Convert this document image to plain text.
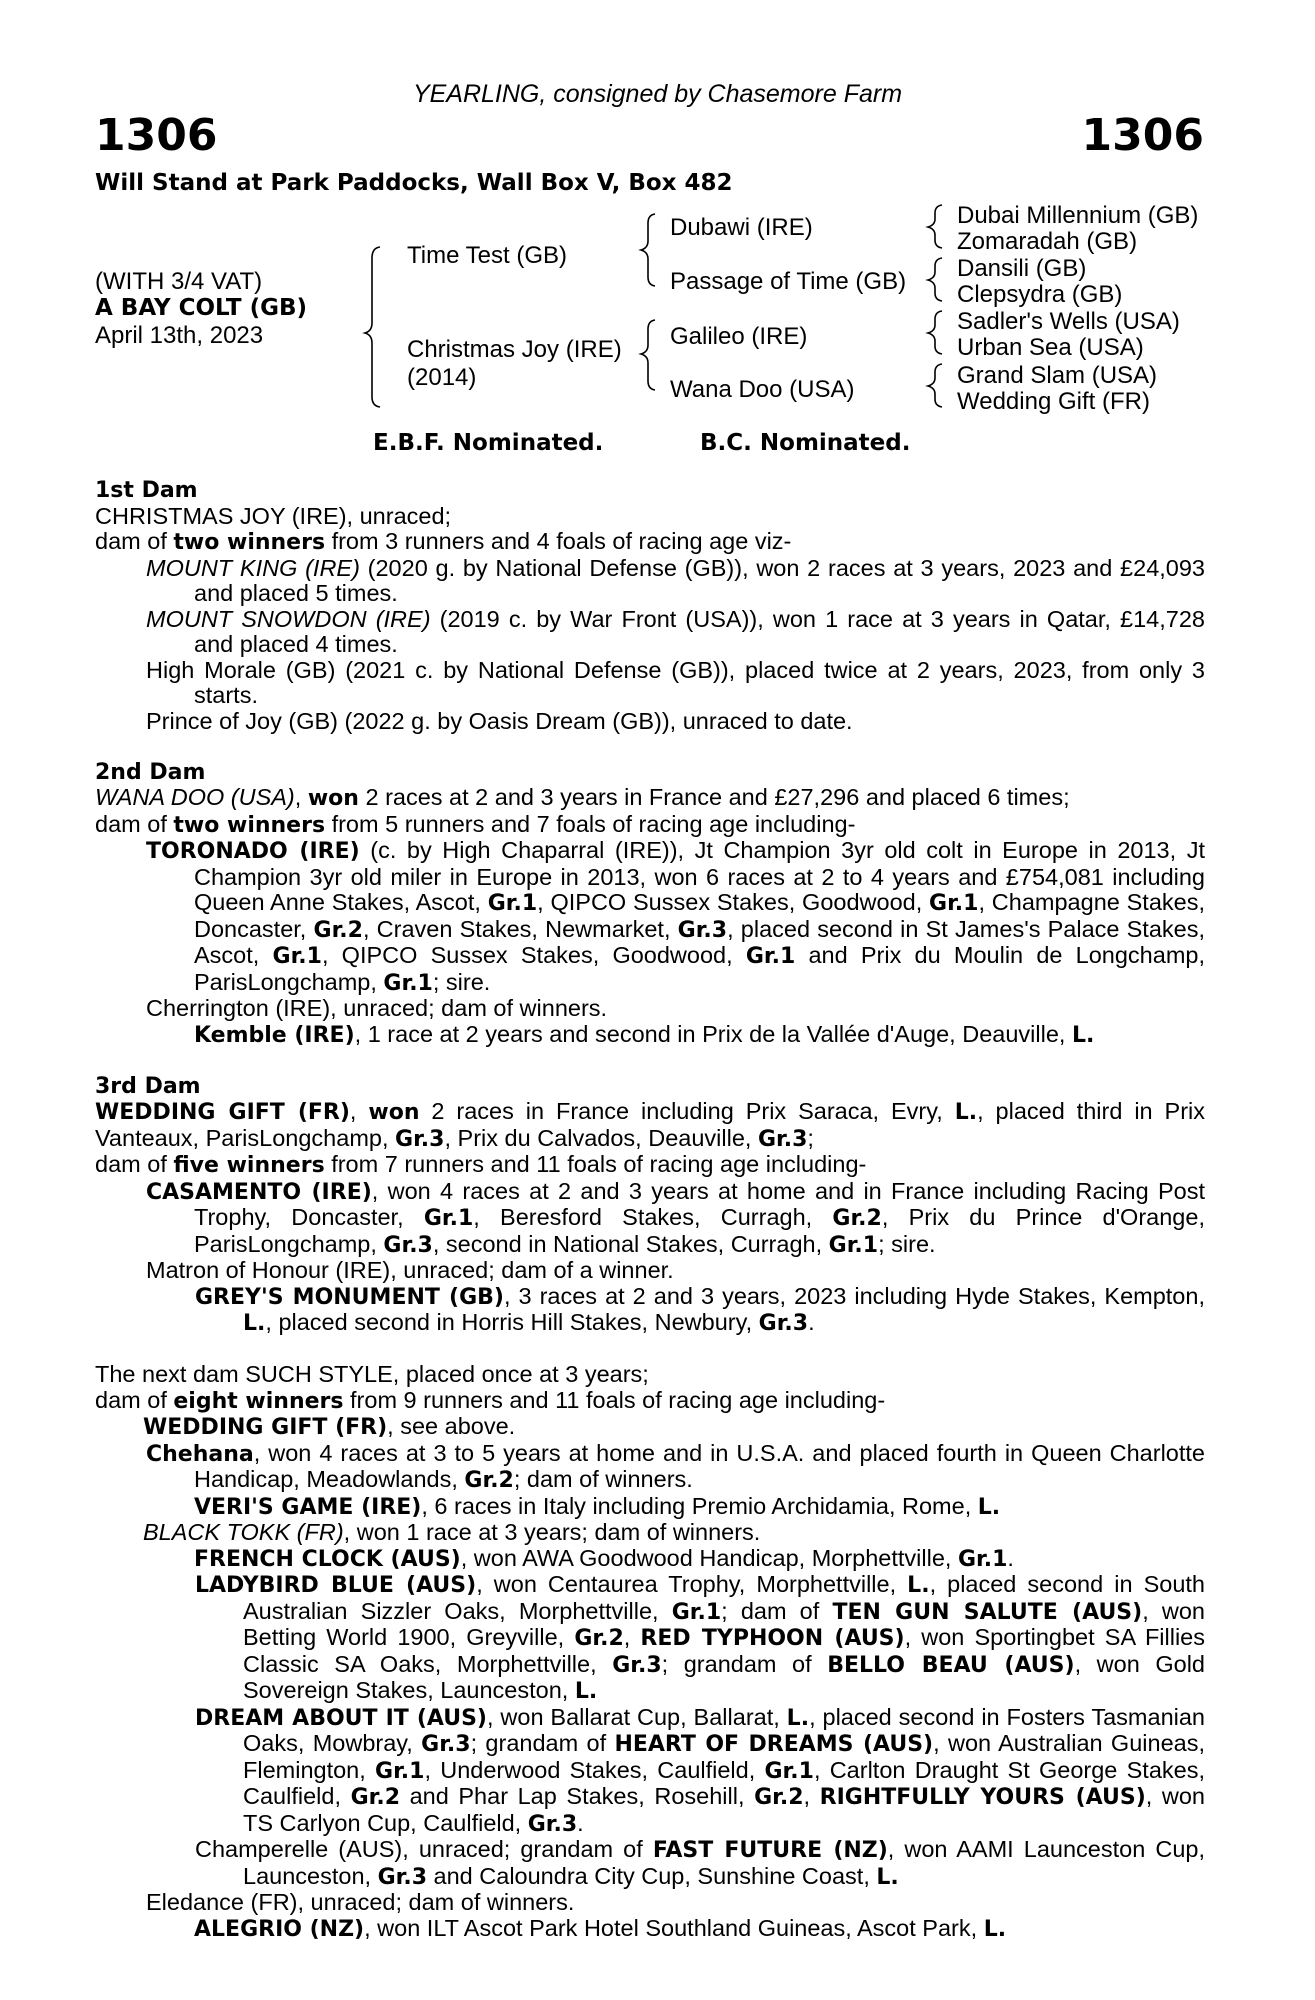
YEARLING, consigned by Chasemore Farm
1306	1306
Will Stand at Park Paddocks, Wall Box V, Box 482
(WITH 3/4 VAT)
A BAY COLT (GB)
April 13th, 2023
Time Test (GB)
Christmas Joy (IRE)
(2014)
Dubawi (IRE)
Passage of Time (GB)
Galileo (IRE)
Wana Doo (USA)
Dubai Millennium (GB)
Zomaradah (GB)
Dansili (GB)
Clepsydra (GB)
Sadler's Wells (USA)
Urban Sea (USA)
Grand Slam (USA)
Wedding Gift (FR)
E.B.F. Nominated.	B.C. Nominated.
1st Dam
CHRISTMAS JOY (IRE), unraced;
dam of two winners from 3 runners and 4 foals of racing age viz-
MOUNT KING (IRE) (2020 g. by National Defense (GB)), won 2 races at 3 years, 2023 and £24,093 and placed 5 times.
MOUNT SNOWDON (IRE) (2019 c. by War Front (USA)), won 1 race at 3 years in Qatar, £14,728 and placed 4 times.
High Morale (GB) (2021 c. by National Defense (GB)), placed twice at 2 years, 2023, from only 3 starts.
Prince of Joy (GB) (2022 g. by Oasis Dream (GB)), unraced to date.
2nd Dam
WANA DOO (USA), won 2 races at 2 and 3 years in France and £27,296 and placed 6 times;
dam of two winners from 5 runners and 7 foals of racing age including-
TORONADO (IRE) (c. by High Chaparral (IRE)), Jt Champion 3yr old colt in Europe in 2013, Jt Champion 3yr old miler in Europe in 2013, won 6 races at 2 to 4 years and £754,081 including Queen Anne Stakes, Ascot, Gr.1, QIPCO Sussex Stakes, Goodwood, Gr.1, Champagne Stakes, Doncaster, Gr.2, Craven Stakes, Newmarket, Gr.3, placed second in St James's Palace Stakes, Ascot, Gr.1, QIPCO Sussex Stakes, Goodwood, Gr.1 and Prix du Moulin de Longchamp, ParisLongchamp, Gr.1; sire.
Cherrington (IRE), unraced; dam of winners.
Kemble (IRE), 1 race at 2 years and second in Prix de la Vallée d'Auge, Deauville, L.
3rd Dam
WEDDING GIFT (FR), won 2 races in France including Prix Saraca, Evry, L., placed third in Prix Vanteaux, ParisLongchamp, Gr.3, Prix du Calvados, Deauville, Gr.3;
dam of five winners from 7 runners and 11 foals of racing age including-
CASAMENTO (IRE), won 4 races at 2 and 3 years at home and in France including Racing Post Trophy, Doncaster, Gr.1, Beresford Stakes, Curragh, Gr.2, Prix du Prince d'Orange, ParisLongchamp, Gr.3, second in National Stakes, Curragh, Gr.1; sire.
Matron of Honour (IRE), unraced; dam of a winner.
GREY'S MONUMENT (GB), 3 races at 2 and 3 years, 2023 including Hyde Stakes, Kempton, L., placed second in Horris Hill Stakes, Newbury, Gr.3.
The next dam SUCH STYLE, placed once at 3 years;
dam of eight winners from 9 runners and 11 foals of racing age including-
WEDDING GIFT (FR), see above.
Chehana, won 4 races at 3 to 5 years at home and in U.S.A. and placed fourth in Queen Charlotte Handicap, Meadowlands, Gr.2; dam of winners.
VERI'S GAME (IRE), 6 races in Italy including Premio Archidamia, Rome, L.
BLACK TOKK (FR), won 1 race at 3 years; dam of winners.
FRENCH CLOCK (AUS), won AWA Goodwood Handicap, Morphettville, Gr.1.
LADYBIRD BLUE (AUS), won Centaurea Trophy, Morphettville, L., placed second in South Australian Sizzler Oaks, Morphettville, Gr.1; dam of TEN GUN SALUTE (AUS), won Betting World 1900, Greyville, Gr.2, RED TYPHOON (AUS), won Sportingbet SA Fillies Classic SA Oaks, Morphettville, Gr.3; grandam of BELLO BEAU (AUS), won Gold Sovereign Stakes, Launceston, L.
DREAM ABOUT IT (AUS), won Ballarat Cup, Ballarat, L., placed second in Fosters Tasmanian Oaks, Mowbray, Gr.3; grandam of HEART OF DREAMS (AUS), won Australian Guineas, Flemington, Gr.1, Underwood Stakes, Caulfield, Gr.1, Carlton Draught St George Stakes, Caulfield, Gr.2 and Phar Lap Stakes, Rosehill, Gr.2, RIGHTFULLY YOURS (AUS), won TS Carlyon Cup, Caulfield, Gr.3.
Champerelle (AUS), unraced; grandam of FAST FUTURE (NZ), won AAMI Launceston Cup, Launceston, Gr.3 and Caloundra City Cup, Sunshine Coast, L.
Eledance (FR), unraced; dam of winners.
ALEGRIO (NZ), won ILT Ascot Park Hotel Southland Guineas, Ascot Park, L.
